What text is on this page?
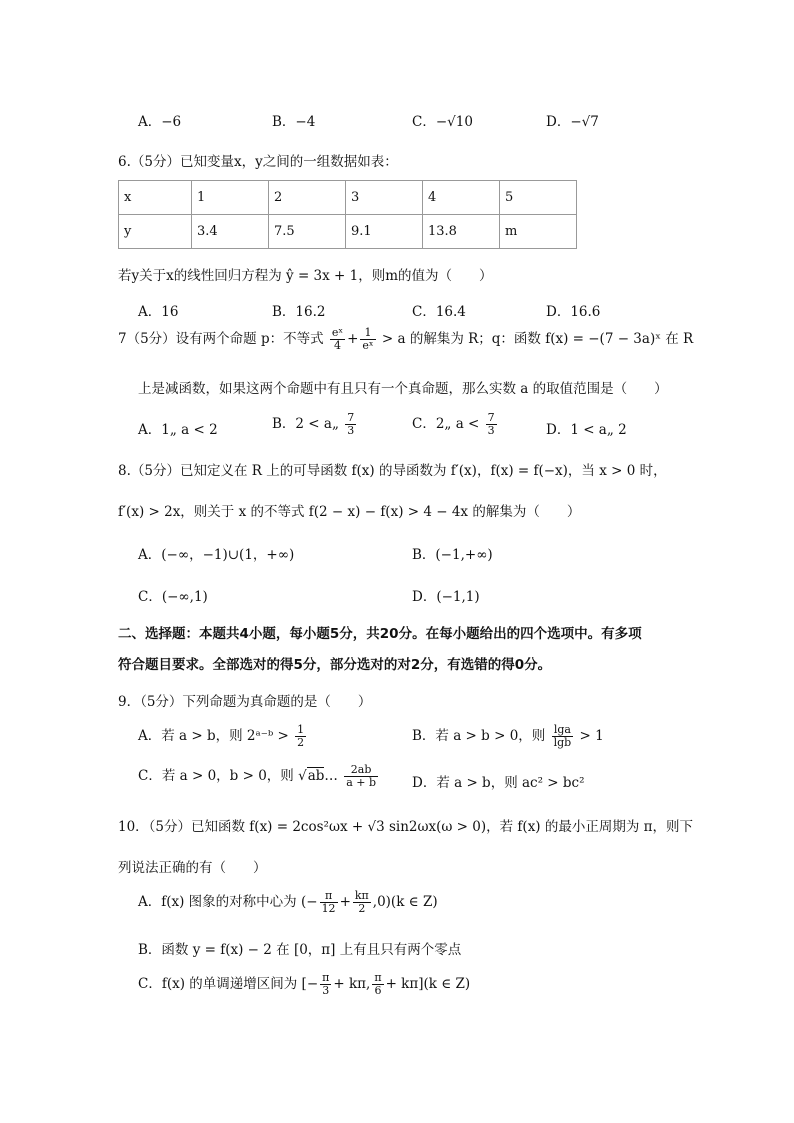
A．−6	B．−4	C．−√10	D．−√7
6.（5分）已知变量x，y之间的一组数据如表：
x	1	2	3	4	5
y	3.4	7.5	9.1	13.8	m
若y关于x的线性回归方程为 ŷ = 3x + 1，则m的值为（　　）
A．16	B．16.2	C．16.4	D．16.6
7（5分）设有两个命题 p：不等式 $\frac{\text{eˣ}}{4} + \frac{1}{\text{eˣ}} > a$ 的解集为 R；q：函数 f(x) = −(7 − 3a)ˣ 在 R
上是减函数，如果这两个命题中有且只有一个真命题，那么实数 a 的取值范围是（　　）
A．1„ a < 2	B．2 < a„ $\frac{7}{3}$	C．2„ $a < \frac{7}{3}$	D．1 < a„ 2
8.（5分）已知定义在 R 上的可导函数 f(x) 的导函数为 f′(x)，f(x) = f(−x)，当 x > 0 时，
f′(x) > 2x，则关于 x 的不等式 f(2 − x) − f(x) > 4 − 4x 的解集为（　　）
A．(−∞，−1)∪(1，+∞)	B．(−1,+∞)
C．(−∞,1)	D．(−1,1)
二、选择题：本题共4小题，每小题5分，共20分。在每小题给出的四个选项中。有多项
符合题目要求。全部选对的得5分，部分选对的对2分，有选错的得0分。
9．（5分）下列命题为真命题的是（　　）
A．若 a > b，则 2ᵃ⁻ᵇ > $\frac{1}{2}$	B．若 a > b > 0，则 $\frac{\lg a}{\lg b} > 1$
C．若 a > 0，b > 0，则 √ab… $\frac{2ab}{a + b}$	D．若 a > b，则 ac² > bc²
10．（5分）已知函数 f(x) = 2cos²ωx + √3 sin2ωx(ω > 0)，若 f(x) 的最小正周期为 π，则下
列说法正确的有（　　）
A．f(x) 图象的对称中心为 (− $\frac{\pi}{12} + \frac{k\pi}{2} ,0)(k$ ∈ Z)
B．函数 y = f(x) − 2 在 [0，π] 上有且只有两个零点
C．f(x) 的单调递增区间为 [− $\frac{\pi}{3} + k\pi$, $\frac{\pi}{6} + k\pi](k$ ∈ Z)
